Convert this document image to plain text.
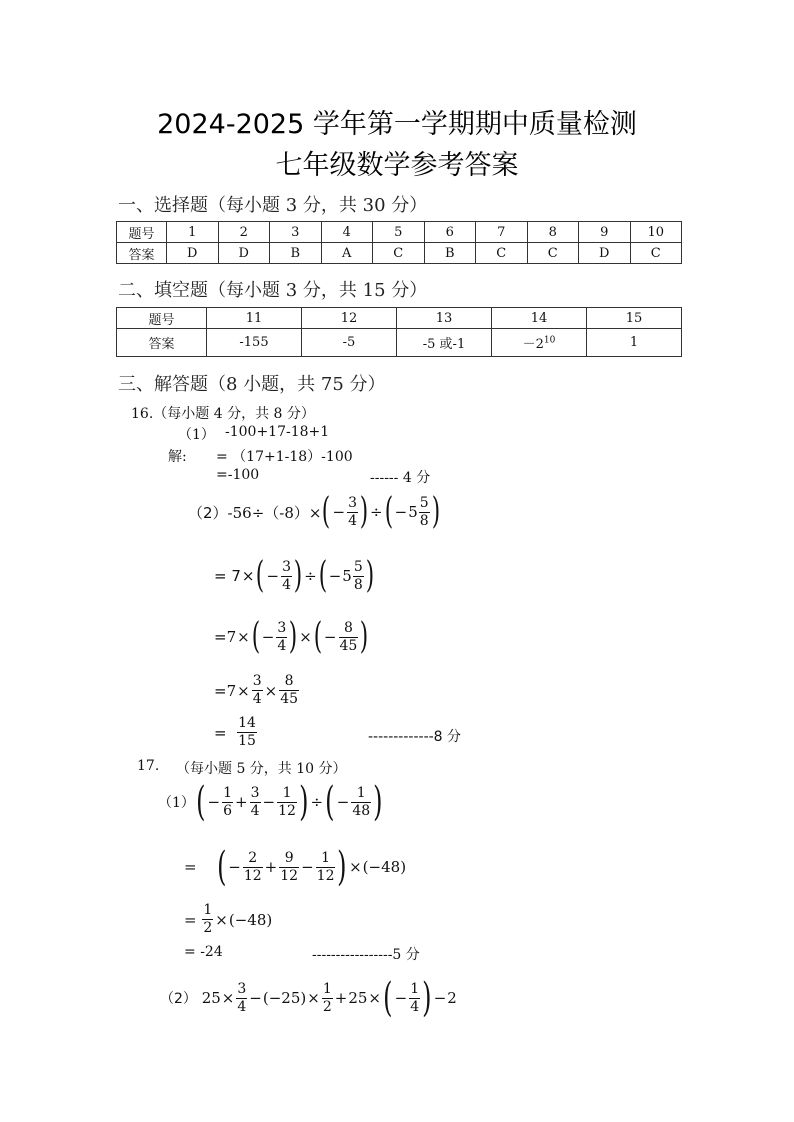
2024-2025 学年第一学期期中质量检测
七年级数学参考答案
一、选择题（每小题 3 分，共 30 分）
题号	1	2	3	4	5	6	7	8	9	10
答案	D	D	B	A	C	B	C	C	D	C
二、填空题（每小题 3 分，共 15 分）
题号	11	12	13	14	15
答案	-155	-5	-5 或-1	$-2^{10}$	1
三、解答题（8 小题，共 75 分）
16.（每小题 4 分，共 8 分）
（1） -100+17-18+1
解: = （17+1-18）-100
=-100	------ 4 分
（2） -56÷（-8）× ( − $\frac{3}{4}$ ) ÷ ( − $5 \frac{5}{8}$ )
=
7 × ( − $\frac{3}{4}$ ) ÷ ( − $5 \frac{5}{8}$ )
= 7 × ( − $\frac{3}{4}$ ) × ( − $\frac{8}{45}$ )
= $7 \times \frac{3}{4} \times \frac{8}{45}$
=
$\frac{14}{15}$	-------------8 分
17. （每小题 5 分，共 10 分）
（1） ( − $\frac{1}{6} + \frac{3}{4} - \frac{1}{12}$ ) ÷ ( − $\frac{1}{48}$ )
=
( − $\frac{2}{12} + \frac{9}{12} - \frac{1}{12}$ ) × ( −48 )
=
$\frac{1}{2}$ × ( −48 )
= -24	-----------------5 分
（2）
$25 \times \frac{3}{4}$ − ( −25 ) × $\frac{1}{2} + 25$ × ( − $\frac{1}{4}$ ) − 2
